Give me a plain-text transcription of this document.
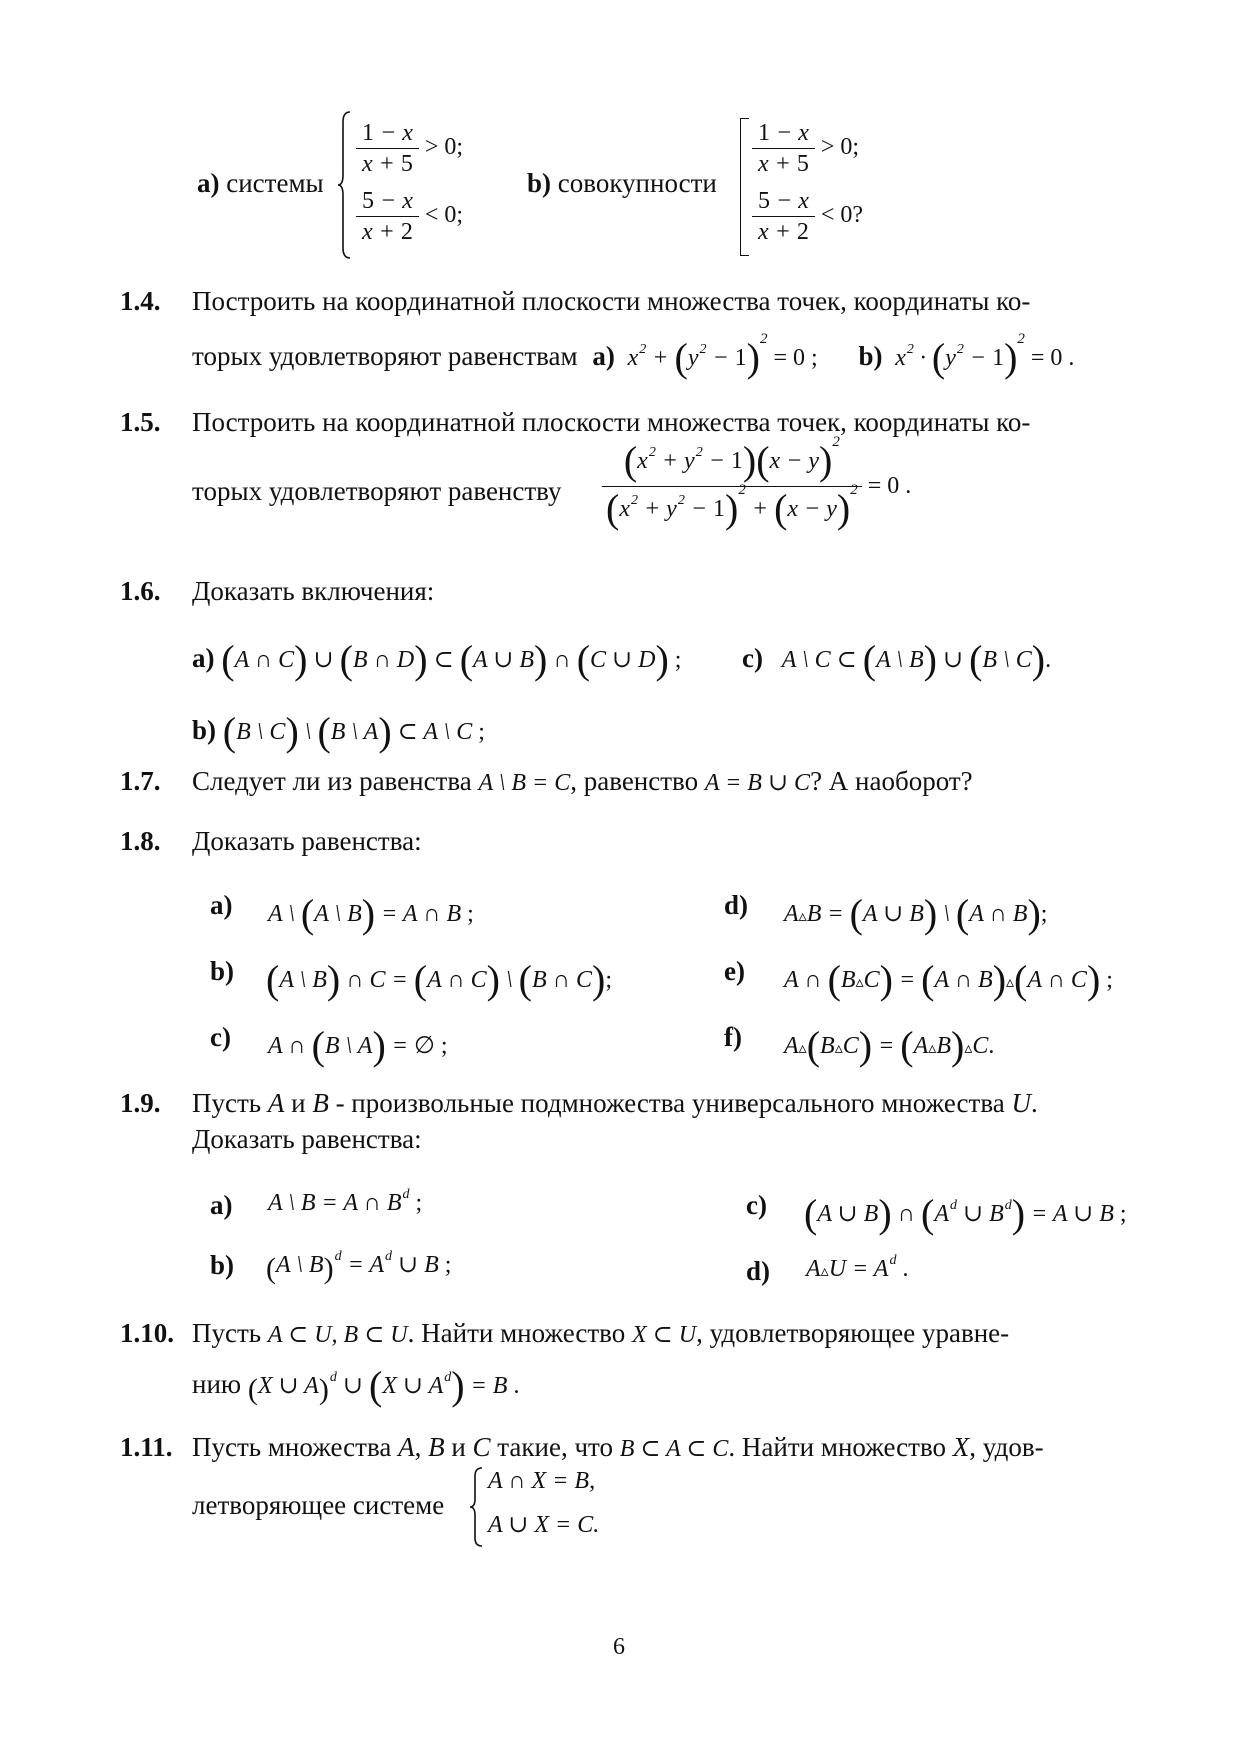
a) системы
$\frac{1 - x}{x + 5} > 0$;
$\frac{5 - x}{x + 2} < 0$;
b) совокупности
$\frac{1 - x}{x + 5} > 0$;
$\frac{5 - x}{x + 2} < 0$?
1.4. Построить на координатной плоскости множества точек, координаты ко-
торых удовлетворяют равенствам a) $x^2 + (y^2 - 1)^2 = 0$ ; b) $x^2 \cdot (y^2 - 1)^2 = 0$ .
1.5. Построить на координатной плоскости множества точек, координаты ко-
торых удовлетворяют равенству $\frac{(x^2 + y^2 - 1)(x - y)^2}{(x^2 + y^2 - 1)^2 + (x - y)^2} = 0$ .
1.6. Доказать включения:
a) (A ∩ C) ∪ (B ∩ D) ⊂ (A ∪ B) ∩ (C ∪ D) ; c) A \ C ⊂ (A \ B) ∪ (B \ C).
b) (B \ C) \ (B \ A) ⊂ A \ C ;
1.7. Следует ли из равенства A \ B = C, равенство A = B ∪ C? А наоборот?
1.8. Доказать равенства:
a) A \ (A \ B) = A ∩ B ;	d) A▵B = (A ∪ B) \ (A ∩ B);
b) (A \ B) ∩ C = (A ∩ C) \ (B ∩ C);	e) A ∩ (B▵C) = (A ∩ B)▵(A ∩ C) ;
c) A ∩ (B \ A) = ∅ ;	f) A▵(B▵C) = (A▵B)▵C.
1.9. Пусть A и B - произвольные подмножества универсального множества U.
Доказать равенства:
a) A \ B = A ∩ $B^d$ ;	c) (A ∪ B) ∩ ($A^d$ ∪ $B^d) = A$ ∪ B ;
b) (A \ $B)^d = A^d$ ∪ B ;	d) A▵U = $A^d$ .
1.10. Пусть A ⊂ U, B ⊂ U. Найти множество X ⊂ U, удовлетворяющее уравне-
нию (X ∪ A)$^d$ ∪ (X ∪ $A^d) = B$ .
1.11. Пусть множества A, B и C такие, что B ⊂ A ⊂ C. Найти множество X, удов-
летворяющее системе
A ∩ X = B,
A ∪ X = C.
6
